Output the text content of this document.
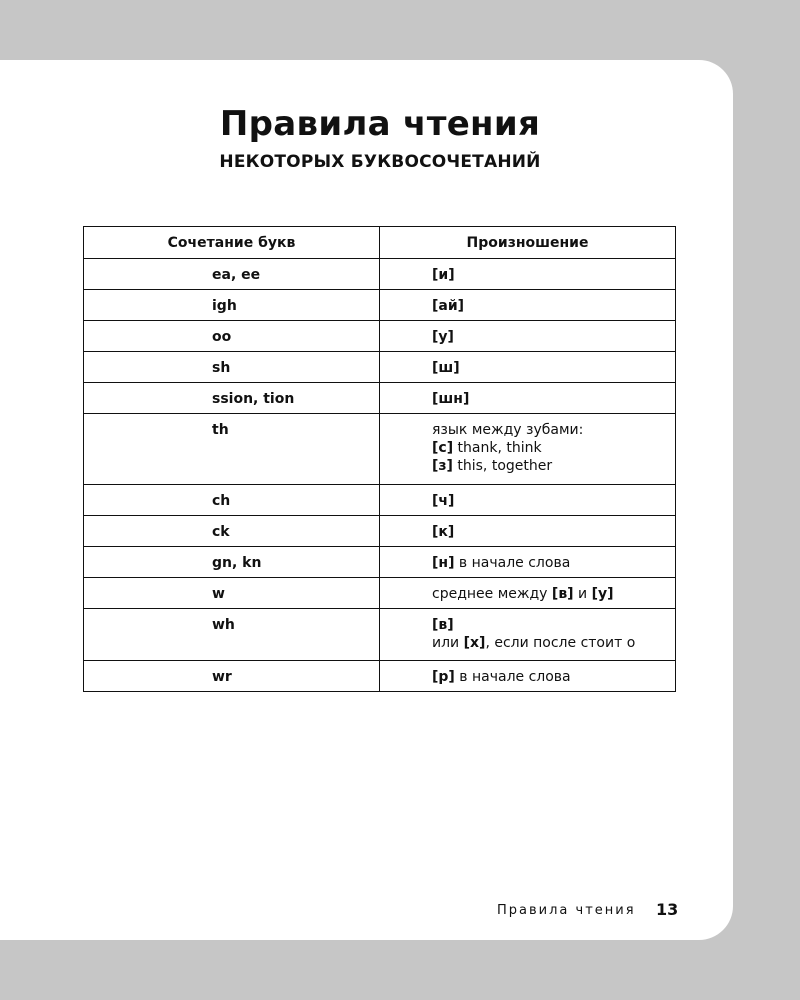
Правила чтения
НЕКОТОРЫХ БУКВОСОЧЕТАНИЙ
Сочетание букв	Произношение
ea, ee	[и]
igh	[ай]
oo	[у]
sh	[ш]
ssion, tion	[шн]
th	язык между зубами:
[с] thank, think
[з] this, together

ch	[ч]
ck	[к]
gn, kn	[н] в начале слова
w	среднее между [в] и [у]
wh	[в]
или [х], если после стоит о

wr	[р] в начале слова
Правила чтения 13
